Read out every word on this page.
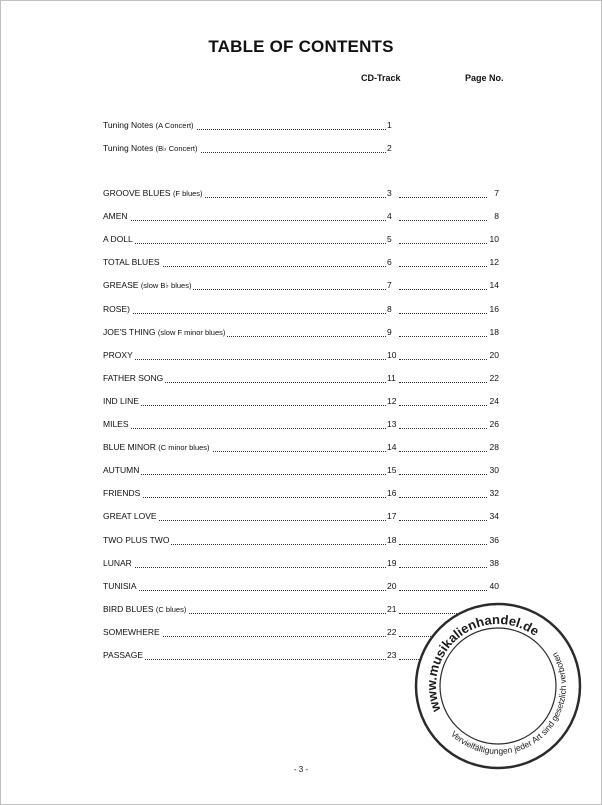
TABLE OF CONTENTS
CD-Track	Page No.
Tuning Notes (A Concert)	1
Tuning Notes (B♭ Concert)	2
GROOVE BLUES (F blues)	3	7
AMEN	4	8
A DOLL	5	10
TOTAL BLUES	6	12
GREASE (slow B♭ blues)	7	14
ROSE)	8	16
JOE'S THING (slow F minor blues)	9	18
PROXY	10	20
FATHER SONG	11	22
IND LINE	12	24
MILES	13	26
BLUE MINOR (C minor blues)	14	28
AUTUMN	15	30
FRIENDS	16	32
GREAT LOVE	17	34
TWO PLUS TWO	18	36
LUNAR	19	38
TUNISIA	20	40
BIRD BLUES (C blues)	21
SOMEWHERE	22
PASSAGE	23
- 3 -
www.musikalienhandel.de
Vervielfältigungen jeder Art sind gesetzlich verboten
